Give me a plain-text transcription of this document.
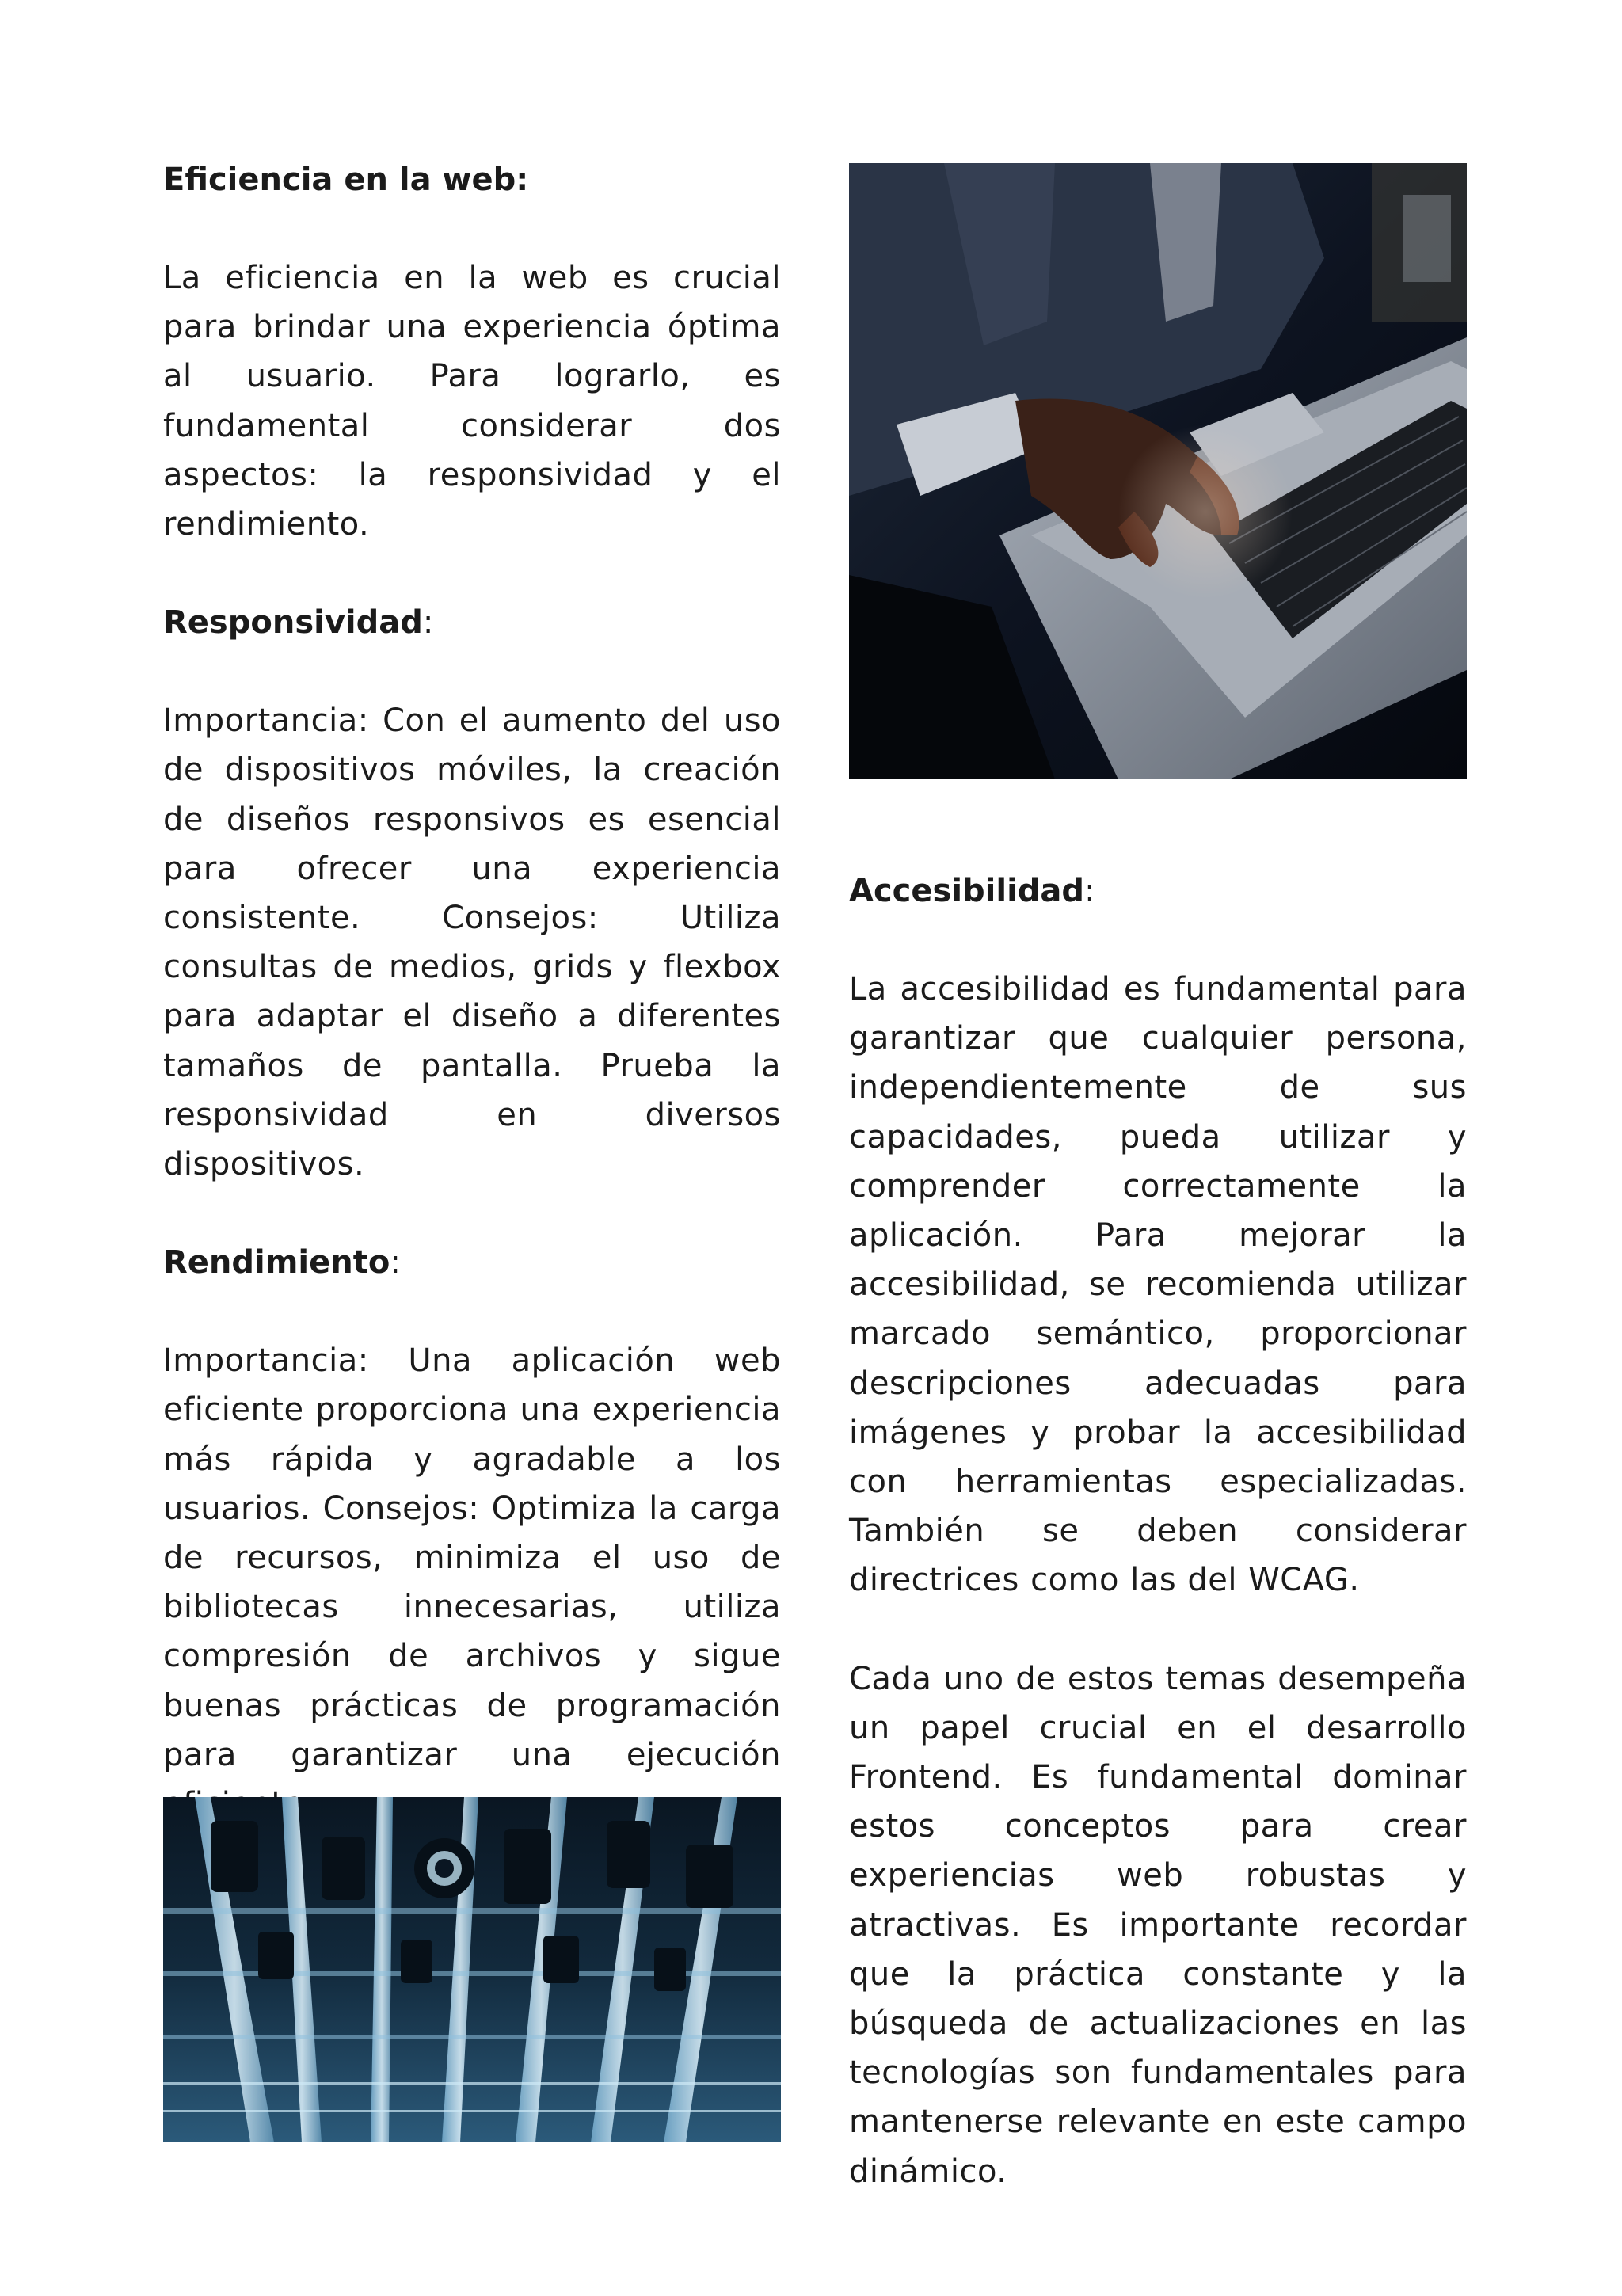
Eficiencia en la web:

La eficiencia en la web es crucial para brindar una experiencia óptima al usuario. Para lograrlo, es fundamental considerar dos aspectos: la responsividad y el rendimiento.

Responsividad:

Importancia: Con el aumento del uso de dispositivos móviles, la creación de diseños responsivos es esencial para ofrecer una experiencia consistente. Consejos: Utiliza consultas de medios, grids y flexbox para adaptar el diseño a diferentes tamaños de pantalla. Prueba la responsividad en diversos dispositivos.

Rendimiento:

Importancia: Una aplicación web eficiente proporciona una experiencia más rápida y agradable a los usuarios. Consejos: Optimiza la carga de recursos, minimiza el uso de bibliotecas innecesarias, utiliza compresión de archivos y sigue buenas prácticas de programación para garantizar una ejecución

Accesibilidad:

La accesibilidad es fundamental para garantizar que cualquier persona, independientemente de sus capacidades, pueda utilizar y comprender correctamente la aplicación. Para mejorar la accesibilidad, se recomienda utilizar marcado semántico, proporcionar descripciones adecuadas para imágenes y probar la accesibilidad con herramientas especializadas. También se deben considerar directrices como las del WCAG.

Cada uno de estos temas desempeña un papel crucial en el desarrollo Frontend. Es fundamental dominar estos conceptos para crear experiencias web robustas y atractivas. Es importante recordar que la práctica constante y la búsqueda de actualizaciones en las tecnologías son fundamentales para mantenerse relevante en este campo dinámico.
